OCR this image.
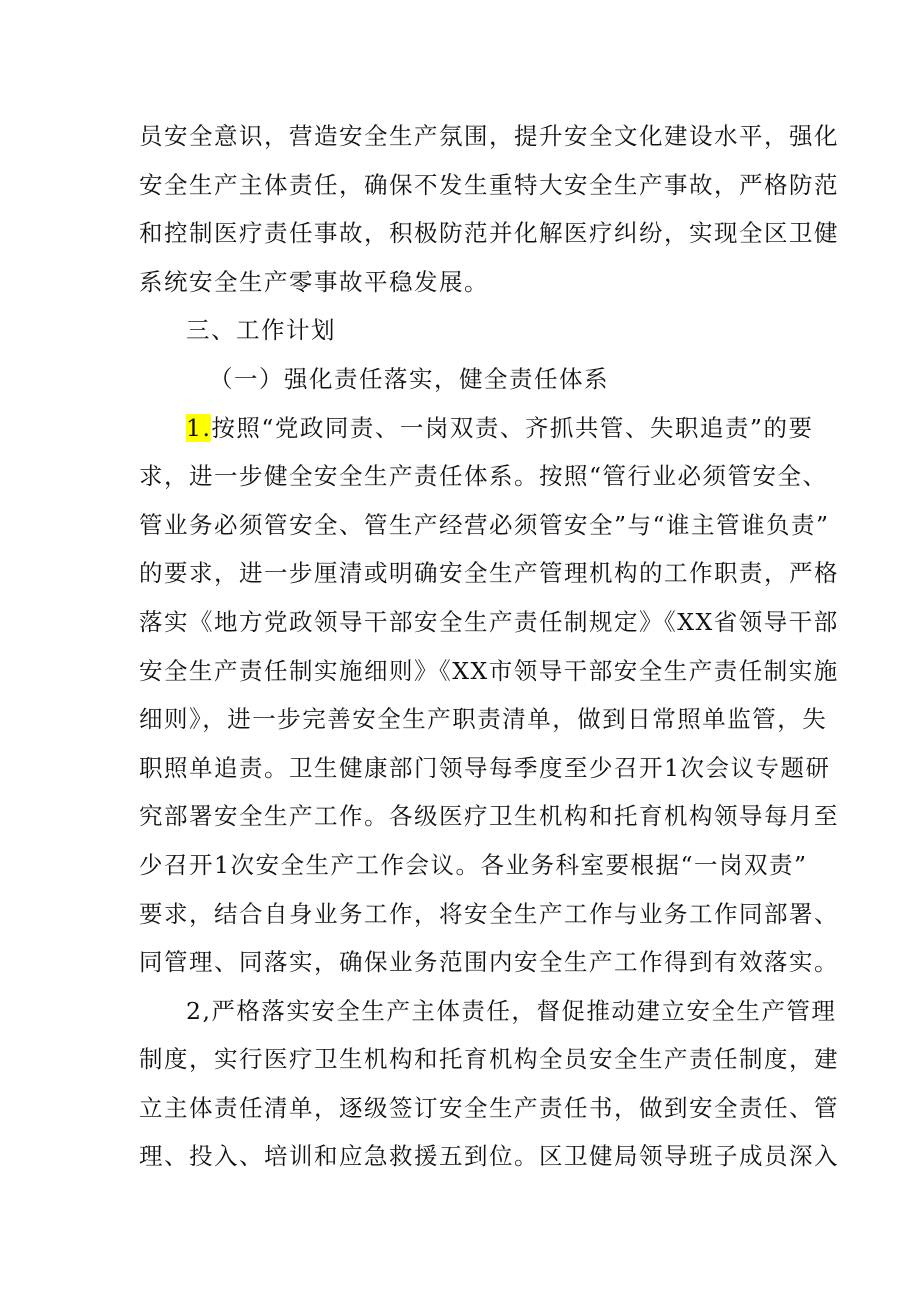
员安全意识，营造安全生产氛围，提升安全文化建设水平，强化
安全生产主体责任，确保不发生重特大安全生产事故，严格防范
和控制医疗责任事故，积极防范并化解医疗纠纷，实现全区卫健
系统安全生产零事故平稳发展。
三、工作计划
（一）强化责任落实，健全责任体系
1.按照“党政同责、一岗双责、齐抓共管、失职追责”的要
求，进一步健全安全生产责任体系。按照“管行业必须管安全、
管业务必须管安全、管生产经营必须管安全”与“谁主管谁负责”
的要求，进一步厘清或明确安全生产管理机构的工作职责，严格
落实《地方党政领导干部安全生产责任制规定》《XX省领导干部
安全生产责任制实施细则》《XX市领导干部安全生产责任制实施
细则》，进一步完善安全生产职责清单，做到日常照单监管，失
职照单追责。卫生健康部门领导每季度至少召开1次会议专题研
究部署安全生产工作。各级医疗卫生机构和托育机构领导每月至
少召开1次安全生产工作会议。各业务科室要根据“一岗双责”
要求，结合自身业务工作，将安全生产工作与业务工作同部署、
同管理、同落实，确保业务范围内安全生产工作得到有效落实。
2,严格落实安全生产主体责任，督促推动建立安全生产管理
制度，实行医疗卫生机构和托育机构全员安全生产责任制度，建
立主体责任清单，逐级签订安全生产责任书，做到安全责任、管
理、投入、培训和应急救援五到位。区卫健局领导班子成员深入
